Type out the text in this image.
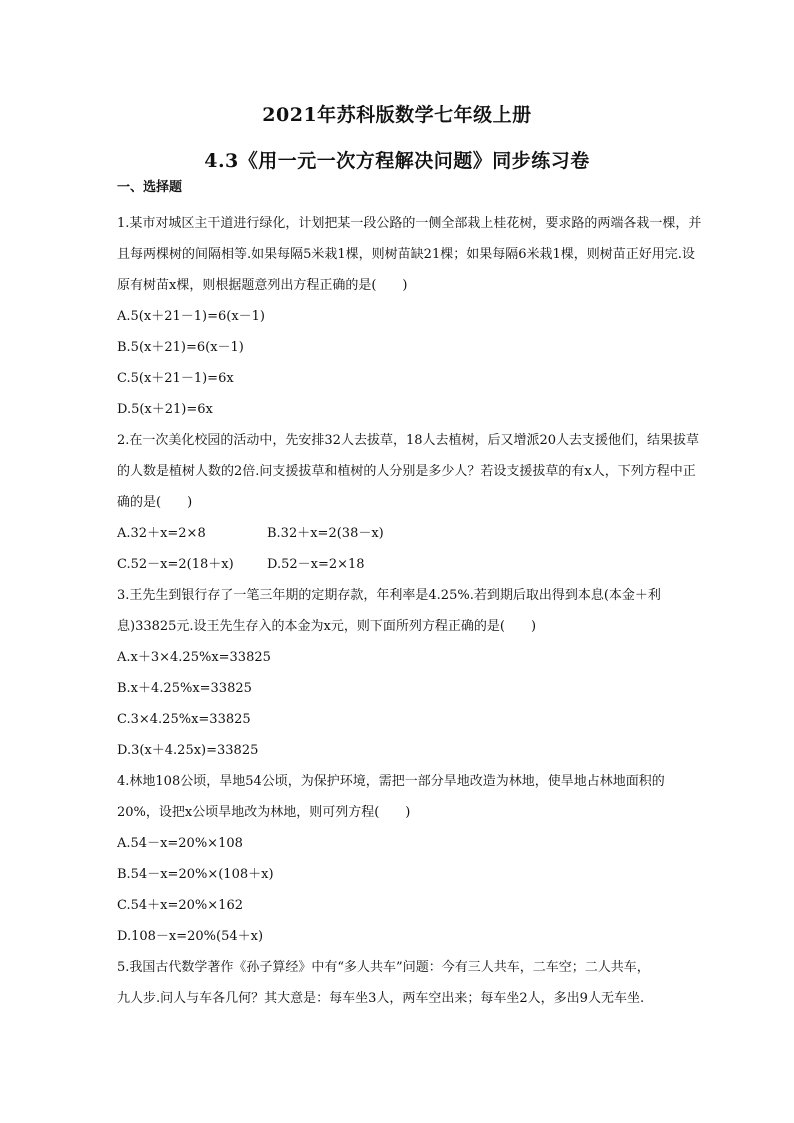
2021年苏科版数学七年级上册
4.3《用一元一次方程解决问题》同步练习卷
一、选择题

1.某市对城区主干道进行绿化，计划把某一段公路的一侧全部栽上桂花树，要求路的两端各栽一棵，并且每两棵树的间隔相等.如果每隔5米栽1棵，则树苗缺21棵；如果每隔6米栽1棵，则树苗正好用完.设原有树苗x棵，则根据题意列出方程正确的是(　　)

A.5(x＋21－1)=6(x－1)
B.5(x＋21)=6(x－1)
C.5(x＋21－1)=6x
D.5(x＋21)=6x

2.在一次美化校园的活动中，先安排32人去拔草，18人去植树，后又增派20人去支援他们，结果拔草的人数是植树人数的2倍.问支援拔草和植树的人分别是多少人？若设支援拔草的有x人，下列方程中正确的是(　　)

A.32＋x=2×8	B.32＋x=2(38－x)
C.52－x=2(18＋x)	D.52－x=2×18

3.王先生到银行存了一笔三年期的定期存款，年利率是4.25%.若到期后取出得到本息(本金＋利息)33825元.设王先生存入的本金为x元，则下面所列方程正确的是(　　)

A.x＋3×4.25%x=33825
B.x＋4.25%x=33825
C.3×4.25%x=33825
D.3(x＋4.25x)=33825

4.林地108公顷，旱地54公顷，为保护环境，需把一部分旱地改造为林地，使旱地占林地面积的20%，设把x公顷旱地改为林地，则可列方程(　　)

A.54－x=20%×108
B.54－x=20%×(108＋x)
C.54＋x=20%×162
D.108－x=20%(54＋x)
5.我国古代数学著作《孙子算经》中有“多人共车”问题：今有三人共车，二车空；二人共车，
九人步.问人与车各几何？其大意是：每车坐3人，两车空出来；每车坐2人，多出9人无车坐.
